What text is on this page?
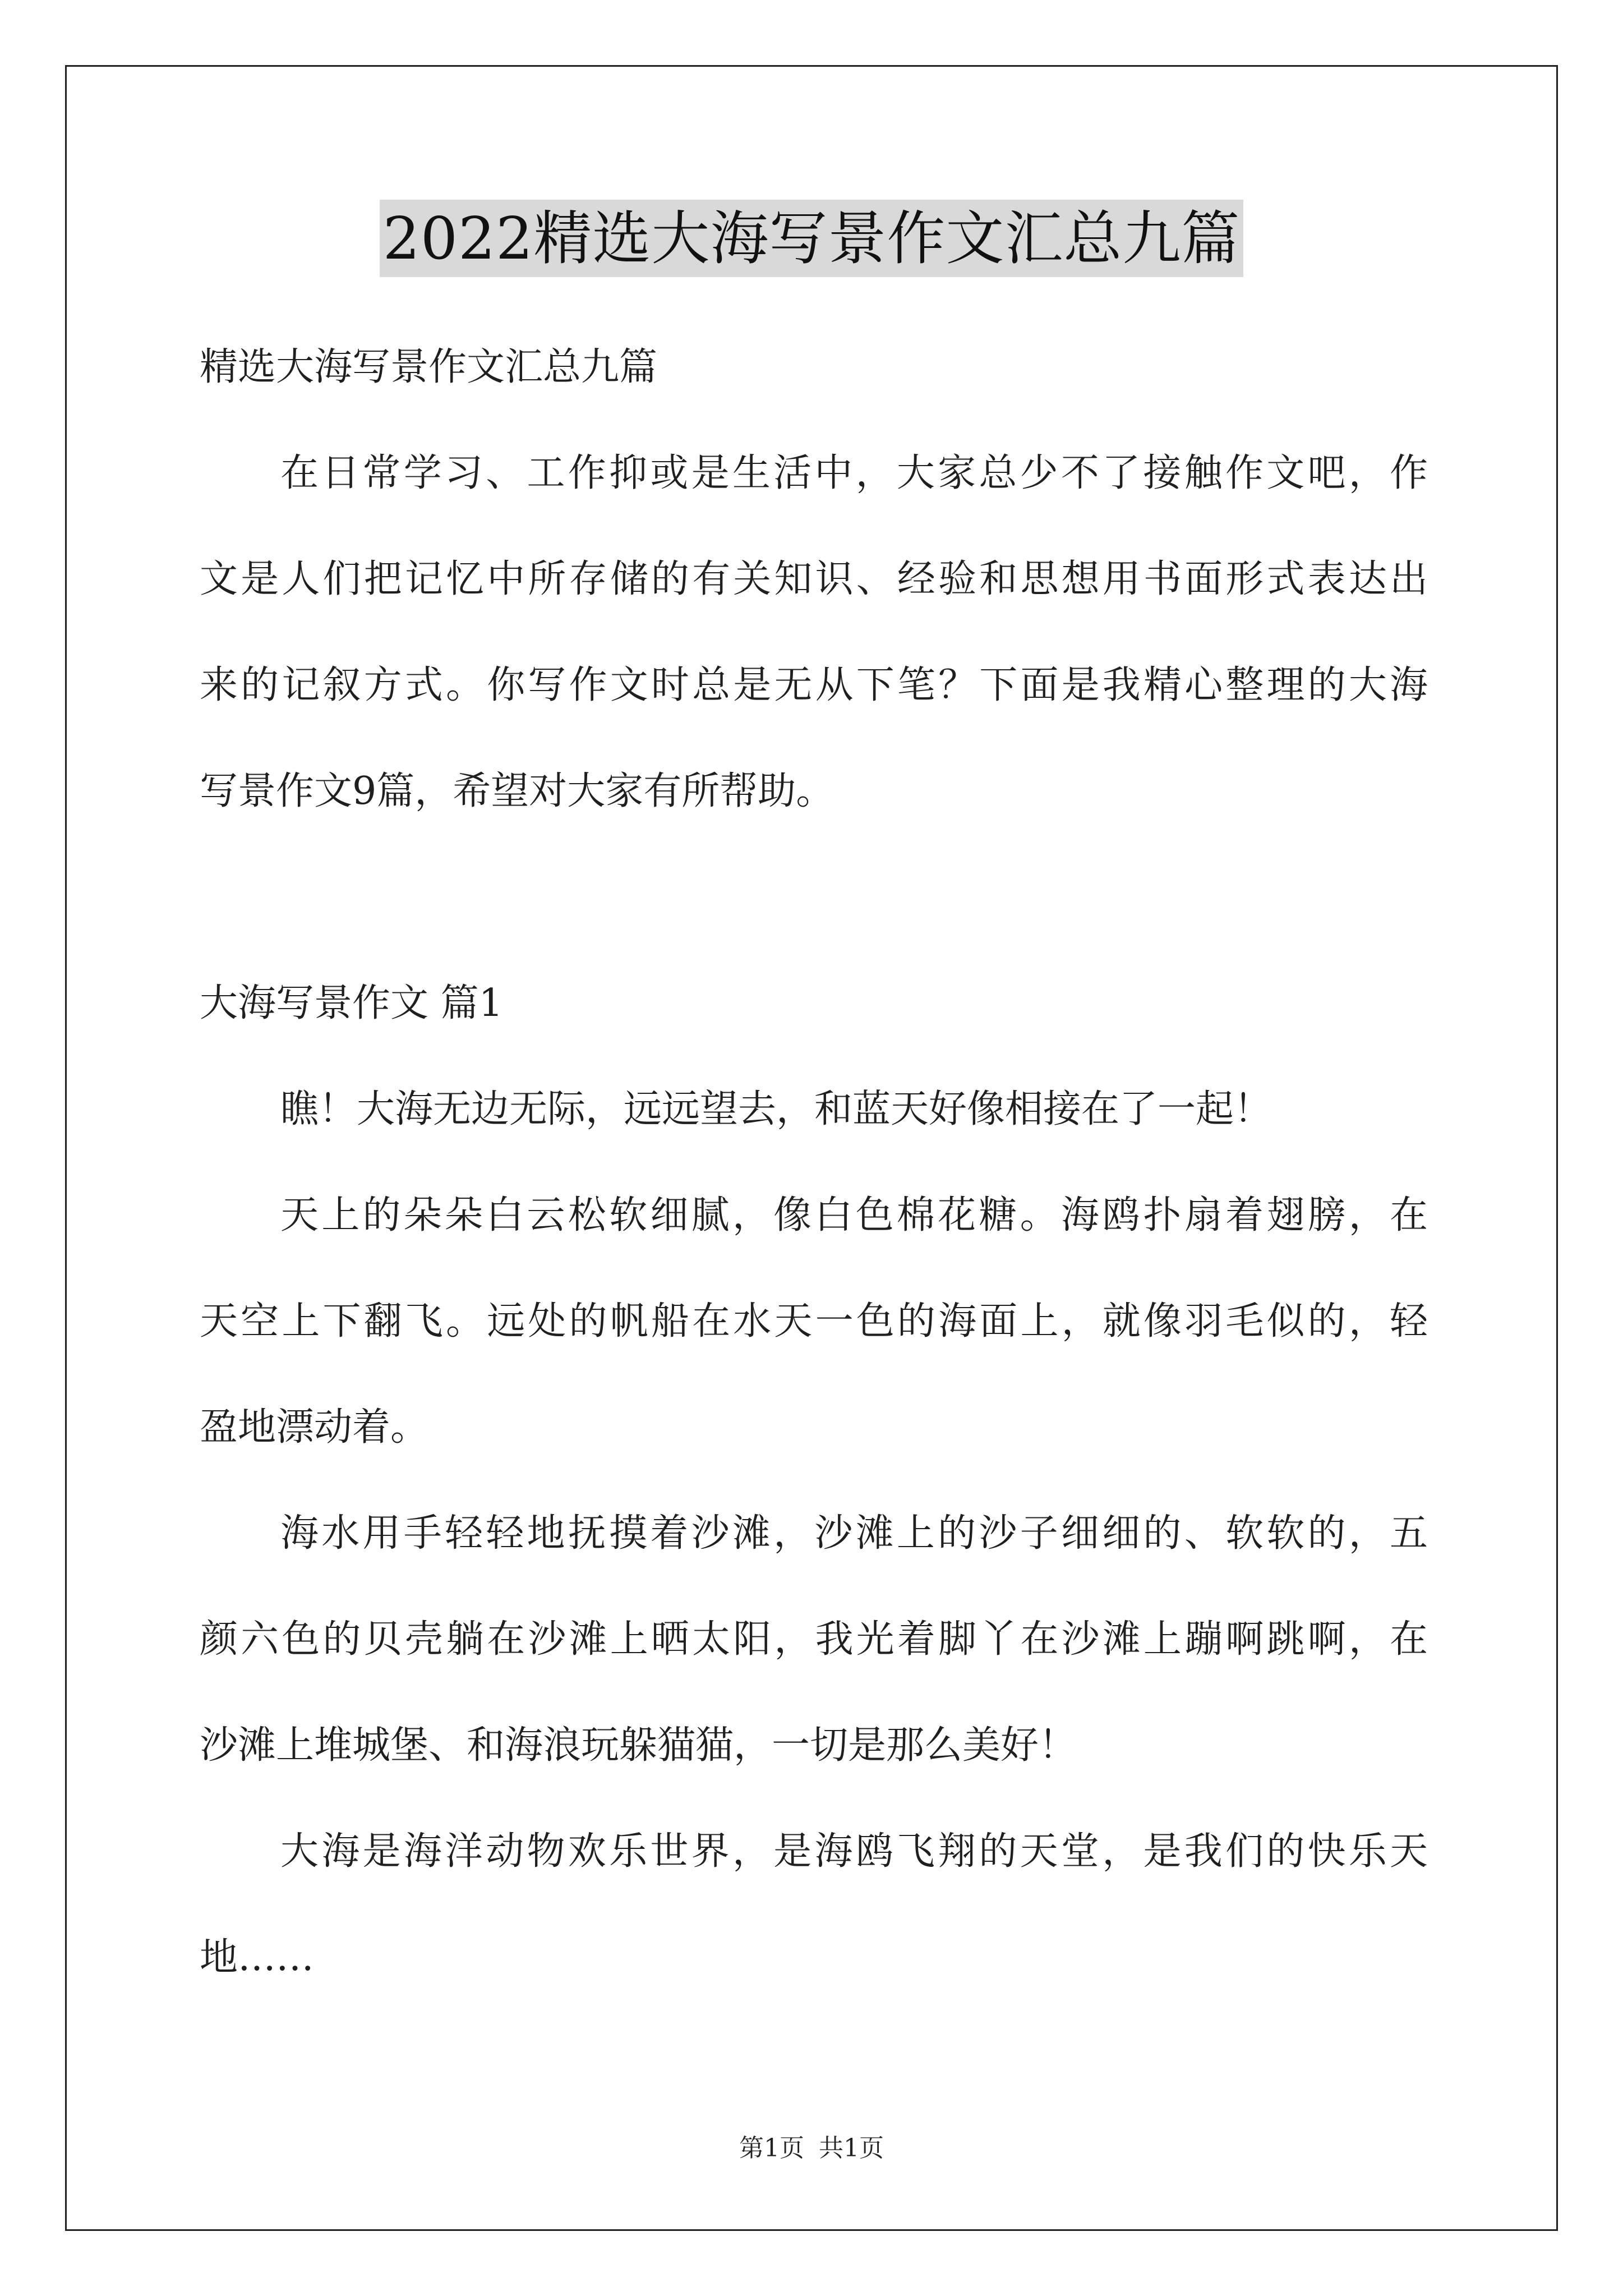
2022精选大海写景作文汇总九篇
精选大海写景作文汇总九篇
在日常学习、工作抑或是生活中，大家总少不了接触作文吧，作
文是人们把记忆中所存储的有关知识、经验和思想用书面形式表达出
来的记叙方式。你写作文时总是无从下笔？下面是我精心整理的大海
写景作文9篇，希望对大家有所帮助。
大海写景作文 篇1
瞧！大海无边无际，远远望去，和蓝天好像相接在了一起！
天上的朵朵白云松软细腻，像白色棉花糖。海鸥扑扇着翅膀，在
天空上下翻飞。远处的帆船在水天一色的海面上，就像羽毛似的，轻
盈地漂动着。
海水用手轻轻地抚摸着沙滩，沙滩上的沙子细细的、软软的，五
颜六色的贝壳躺在沙滩上晒太阳，我光着脚丫在沙滩上蹦啊跳啊，在
沙滩上堆城堡、和海浪玩躲猫猫，一切是那么美好！
大海是海洋动物欢乐世界，是海鸥飞翔的天堂，是我们的快乐天
地……
第1页 共1页
